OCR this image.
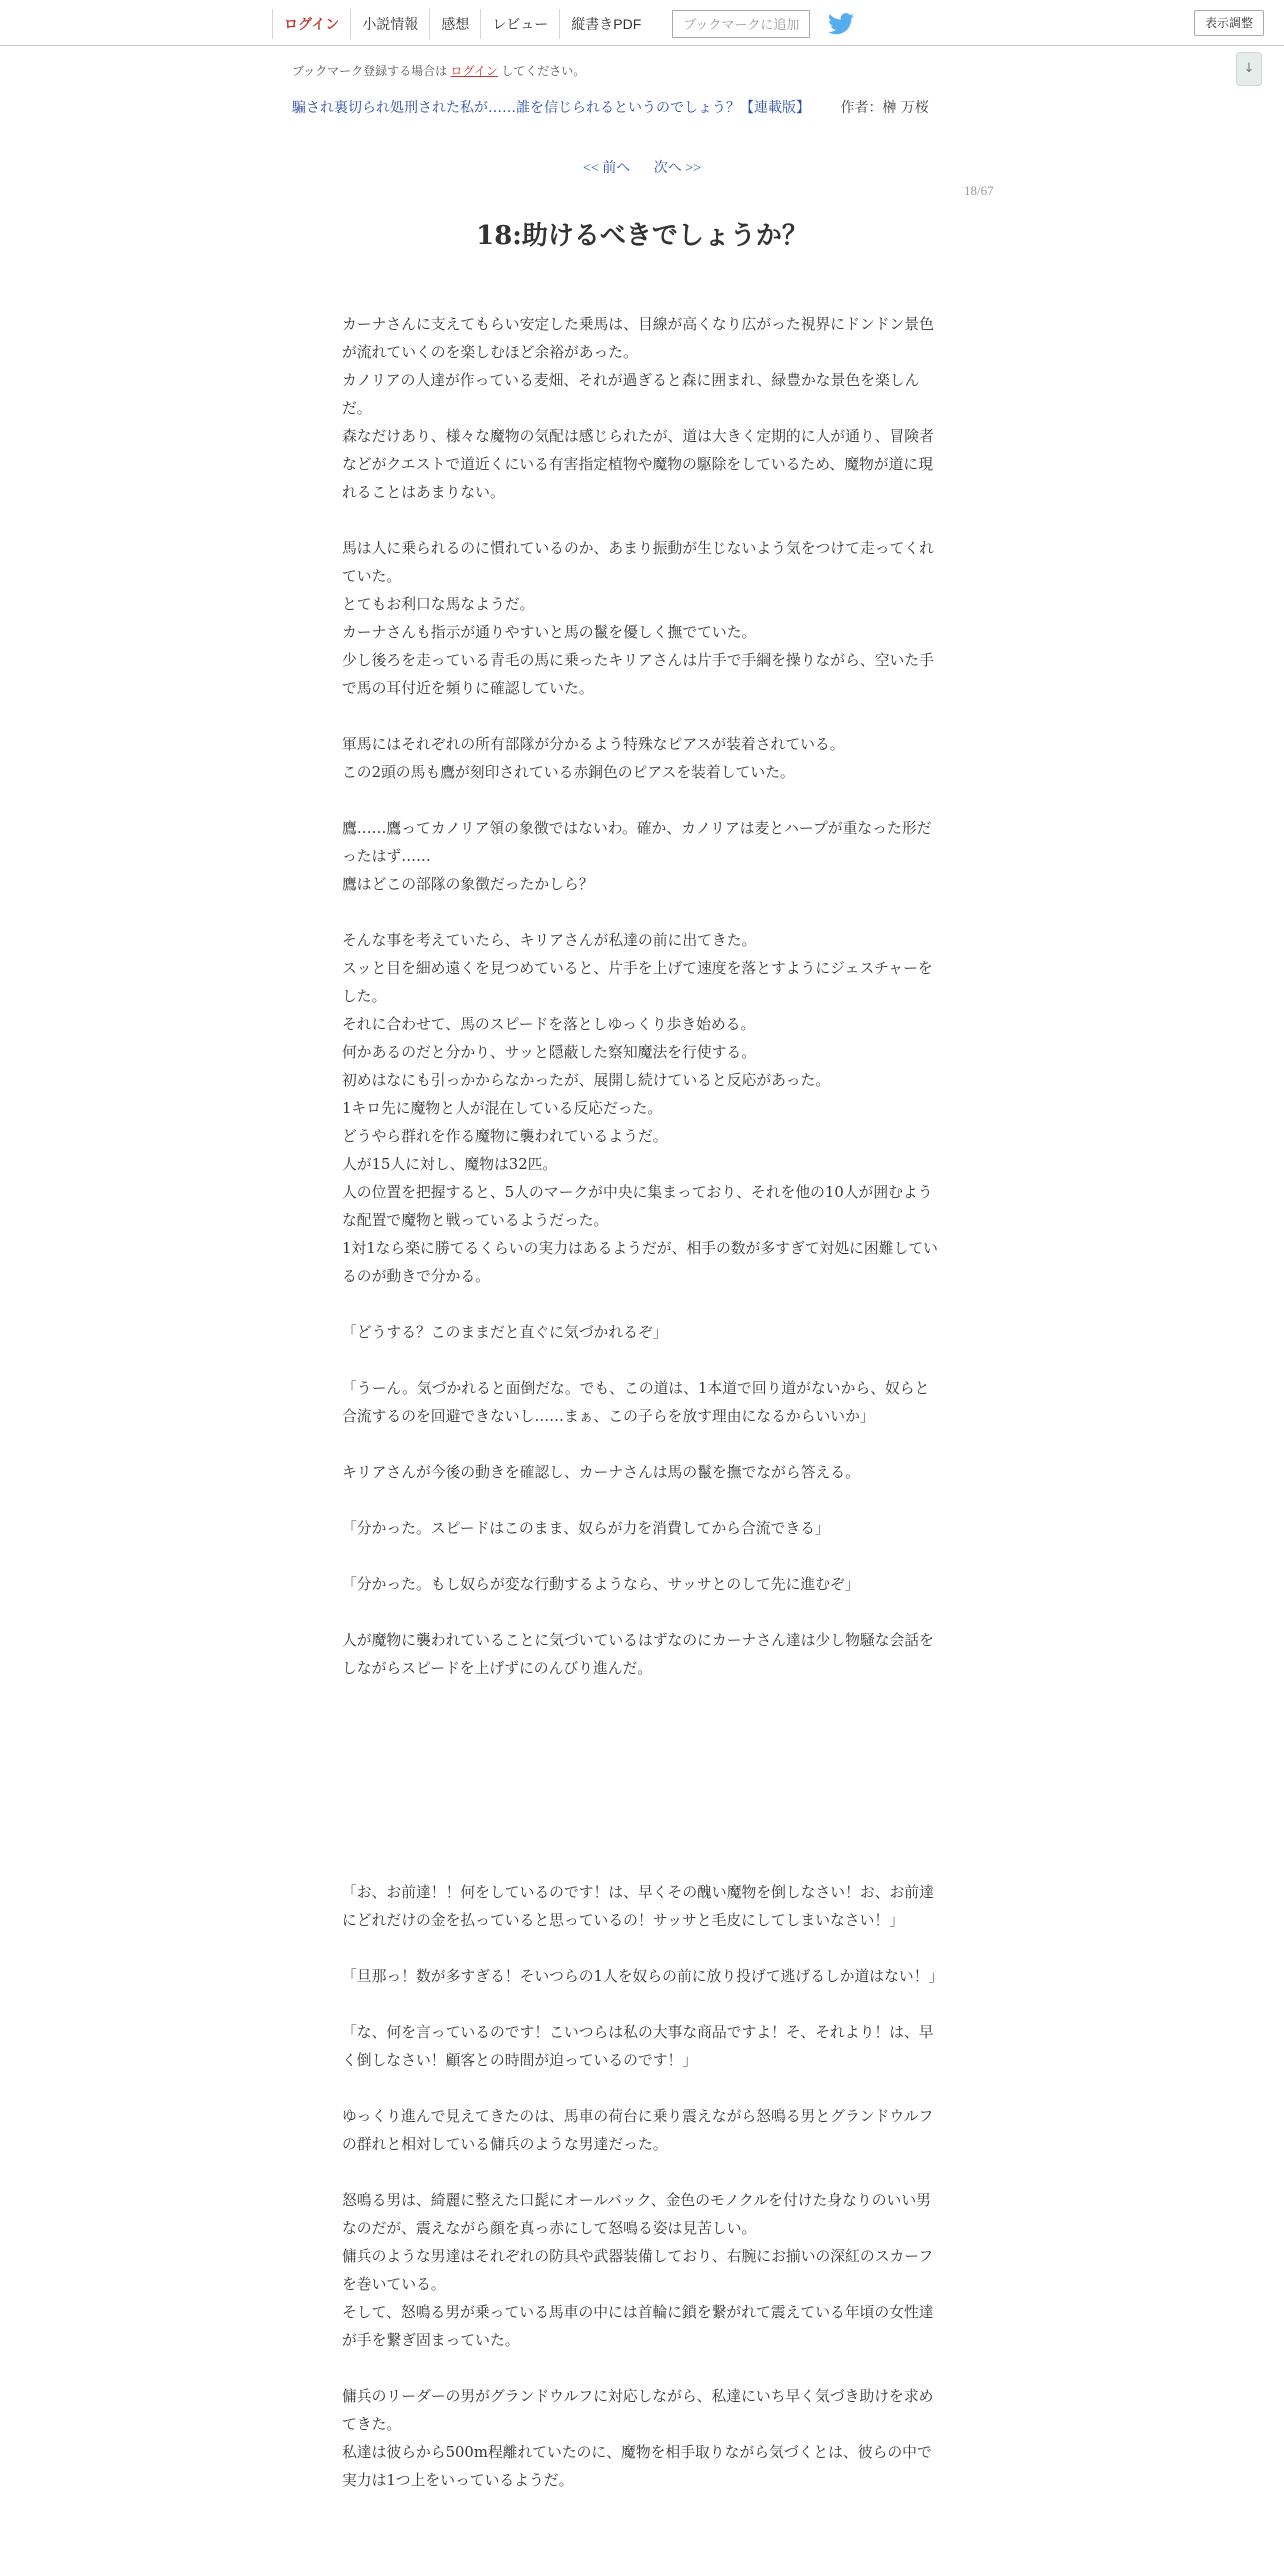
ログイン	小説情報	感想	レビュー	縦書きPDF	ブックマークに追加	表示調整
↓
ブックマーク登録する場合は ログイン してください。
騙され裏切られ処刑された私が……誰を信じられるというのでしょう？【連載版】 作者：榊 万桜
<< 前へ 次へ >>
18/67
18:助けるべきでしょうか？

カーナさんに支えてもらい安定した乗馬は、目線が高くなり広がった視界にドンドン景色が流れていくのを楽しむほど余裕があった。

カノリアの人達が作っている麦畑、それが過ぎると森に囲まれ、緑豊かな景色を楽しんだ。

森なだけあり、様々な魔物の気配は感じられたが、道は大きく定期的に人が通り、冒険者などがクエストで道近くにいる有害指定植物や魔物の駆除をしているため、魔物が道に現れることはあまりない。

馬は人に乗られるのに慣れているのか、あまり振動が生じないよう気をつけて走ってくれていた。

とてもお利口な馬なようだ。

カーナさんも指示が通りやすいと馬の鬣を優しく撫でていた。

少し後ろを走っている青毛の馬に乗ったキリアさんは片手で手綱を操りながら、空いた手で馬の耳付近を頻りに確認していた。

軍馬にはそれぞれの所有部隊が分かるよう特殊なピアスが装着されている。

この2頭の馬も鷹が刻印されている赤銅色のピアスを装着していた。

鷹……鷹ってカノリア領の象徴ではないわ。確か、カノリアは麦とハープが重なった形だったはず……

鷹はどこの部隊の象徴だったかしら？

そんな事を考えていたら、キリアさんが私達の前に出てきた。

スッと目を細め遠くを見つめていると、片手を上げて速度を落とすようにジェスチャーをした。

それに合わせて、馬のスピードを落としゆっくり歩き始める。

何かあるのだと分かり、サッと隠蔽した察知魔法を行使する。

初めはなにも引っかからなかったが、展開し続けていると反応があった。

1キロ先に魔物と人が混在している反応だった。

どうやら群れを作る魔物に襲われているようだ。

人が15人に対し、魔物は32匹。

人の位置を把握すると、5人のマークが中央に集まっており、それを他の10人が囲むような配置で魔物と戦っているようだった。

1対1なら楽に勝てるくらいの実力はあるようだが、相手の数が多すぎて対処に困難しているのが動きで分かる。

「どうする？このままだと直ぐに気づかれるぞ」

「うーん。気づかれると面倒だな。でも、この道は、1本道で回り道がないから、奴らと合流するのを回避できないし……まぁ、この子らを放す理由になるからいいか」

キリアさんが今後の動きを確認し、カーナさんは馬の鬣を撫でながら答える。

「分かった。スピードはこのまま、奴らが力を消費してから合流できる」

「分かった。もし奴らが変な行動するようなら、サッサとのして先に進むぞ」

人が魔物に襲われていることに気づいているはずなのにカーナさん達は少し物騒な会話をしながらスピードを上げずにのんびり進んだ。

「お、お前達！！何をしているのです！は、早くその醜い魔物を倒しなさい！お、お前達にどれだけの金を払っていると思っているの！サッサと毛皮にしてしまいなさい！」

「旦那っ！数が多すぎる！そいつらの1人を奴らの前に放り投げて逃げるしか道はない！」

「な、何を言っているのです！こいつらは私の大事な商品ですよ！そ、それより！は、早く倒しなさい！顧客との時間が迫っているのです！」

ゆっくり進んで見えてきたのは、馬車の荷台に乗り震えながら怒鳴る男とグランドウルフの群れと相対している傭兵のような男達だった。

怒鳴る男は、綺麗に整えた口髭にオールバック、金色のモノクルを付けた身なりのいい男なのだが、震えながら顔を真っ赤にして怒鳴る姿は見苦しい。

傭兵のような男達はそれぞれの防具や武器装備しており、右腕にお揃いの深紅のスカーフを巻いている。

そして、怒鳴る男が乗っている馬車の中には首輪に鎖を繋がれて震えている年頃の女性達が手を繋ぎ固まっていた。

傭兵のリーダーの男がグランドウルフに対応しながら、私達にいち早く気づき助けを求めてきた。

私達は彼らから500m程離れていたのに、魔物を相手取りながら気づくとは、彼らの中で実力は1つ上をいっているようだ。
